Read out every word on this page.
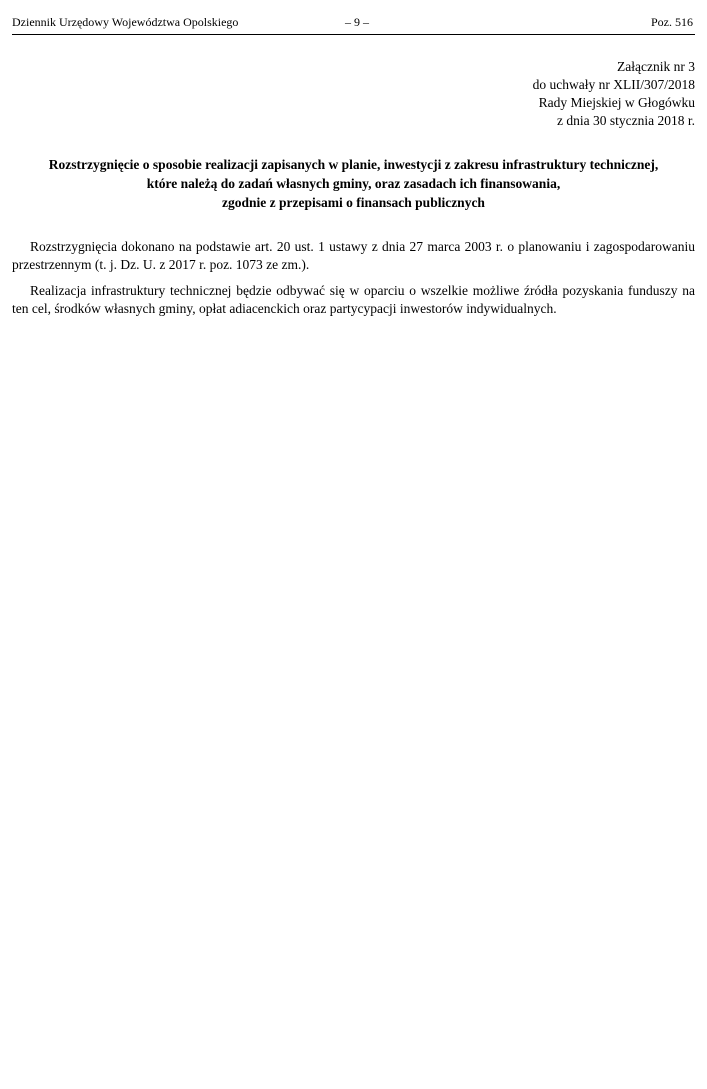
Dziennik Urzędowy Województwa Opolskiego	– 9 –	Poz. 516
Załącznik nr 3
do uchwały nr XLII/307/2018
Rady Miejskiej w Głogówku
z dnia 30 stycznia 2018 r.
Rozstrzygnięcie o sposobie realizacji zapisanych w planie, inwestycji z zakresu infrastruktury technicznej,
które należą do zadań własnych gminy, oraz zasadach ich finansowania,
zgodnie z przepisami o finansach publicznych

Rozstrzygnięcia dokonano na podstawie art. 20 ust. 1 ustawy z dnia 27 marca 2003 r. o planowaniu i zagospodarowaniu przestrzennym (t. j. Dz. U. z 2017 r. poz. 1073 ze zm.).

Realizacja infrastruktury technicznej będzie odbywać się w oparciu o wszelkie możliwe źródła pozyskania funduszy na ten cel, środków własnych gminy, opłat adiacenckich oraz partycypacji inwestorów indywidualnych.
